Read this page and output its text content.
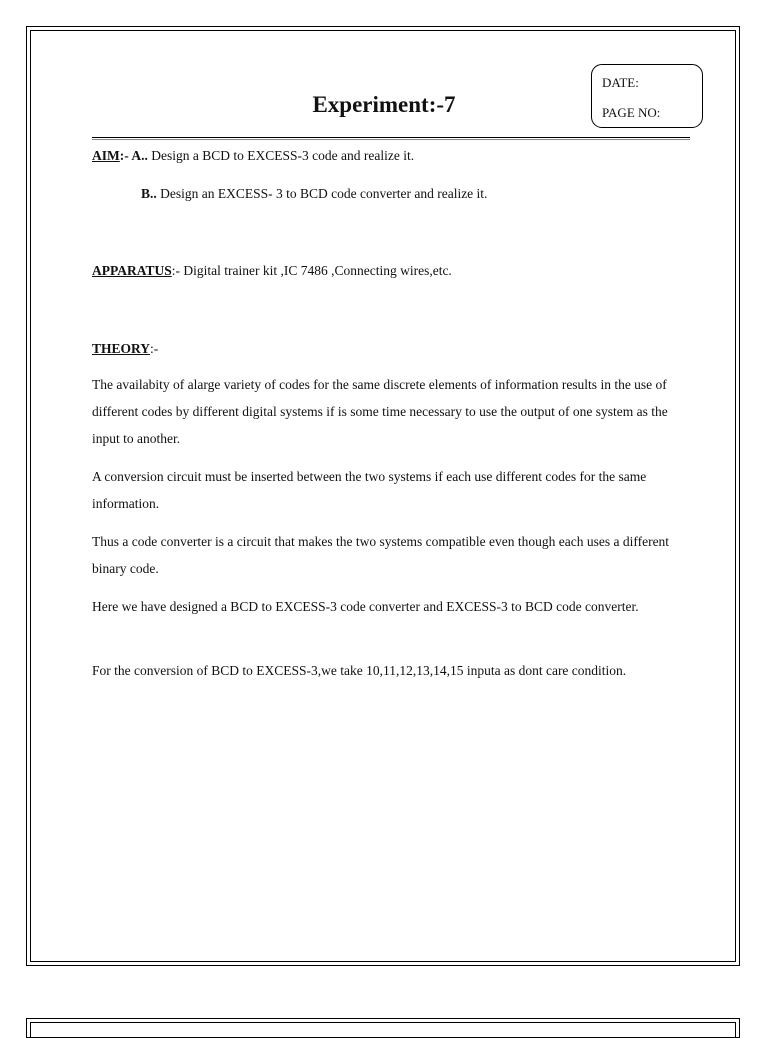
Experiment:-7
DATE:
PAGE NO:
AIM:- A.. Design a BCD to EXCESS-3 code and realize it.
B.. Design an EXCESS- 3 to BCD code converter and realize it.
APPARATUS:- Digital trainer kit ,IC 7486 ,Connecting wires,etc.
THEORY:-
The availabity of alarge variety of codes for the same discrete elements of information results in the use of different codes by different digital systems if is some time necessary to use the output of one system as the input to another.
A conversion circuit must be inserted between the two systems if each use different codes for the same information.
Thus a code converter is a circuit that makes the two systems compatible even though each uses a different binary code.
Here we have designed a BCD to EXCESS-3 code converter and EXCESS-3 to BCD code converter.
For the conversion of BCD to EXCESS-3,we take 10,11,12,13,14,15 inputa as dont care condition.
